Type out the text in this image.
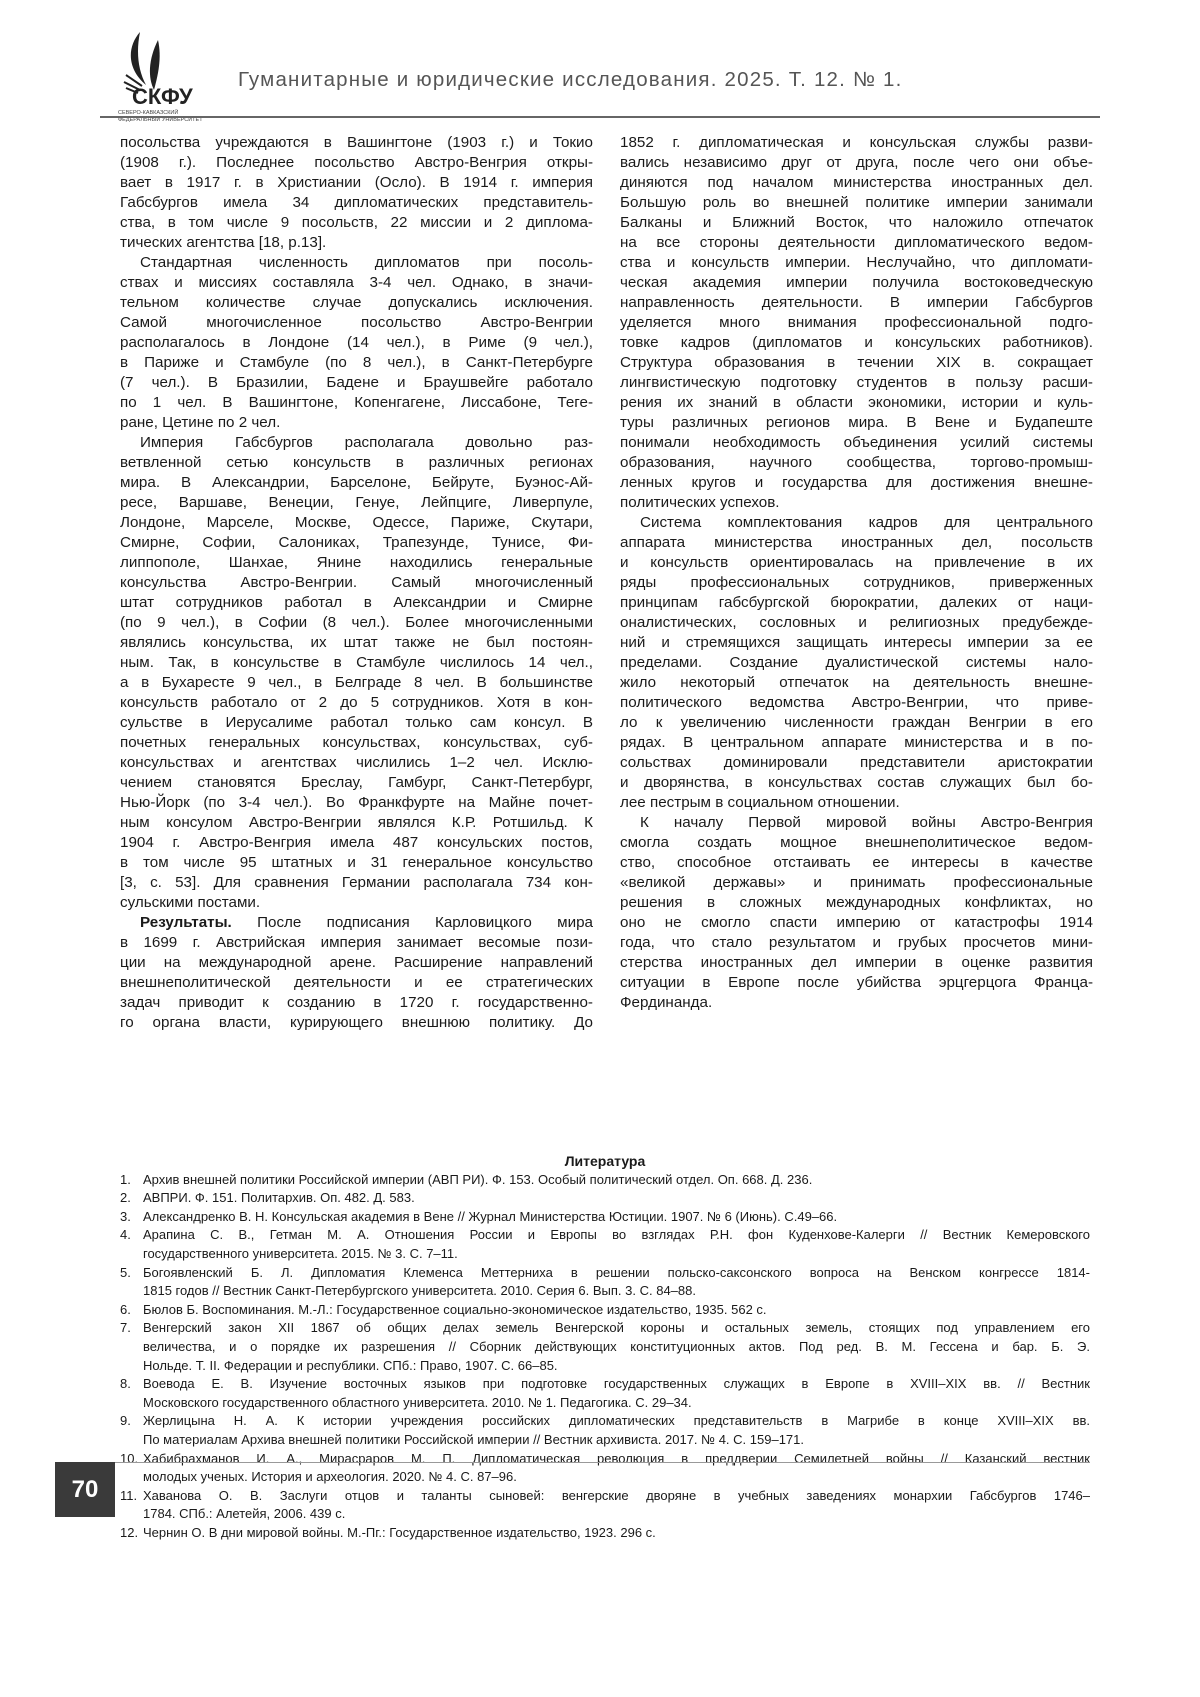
СКФУ
СЕВЕРО-КАВКАЗСКИЙ
ФЕДЕРАЛЬНЫЙ УНИВЕРСИТЕТ
Гуманитарные и юридические исследования. 2025. Т. 12. № 1.
посольства учреждаются в Вашингтоне (1903 г.) и Токио
(1908 г.). Последнее посольство Австро-Венгрия откры-
вает в 1917 г. в Христиании (Осло). В 1914 г. империя
Габсбургов имела 34 дипломатических представитель-
ства, в том числе 9 посольств, 22 миссии и 2 диплома-
тических агентства [18, p.13].
Стандартная численность дипломатов при посоль-
ствах и миссиях составляла 3-4 чел. Однако, в значи-
тельном количестве случае допускались исключения.
Самой многочисленное посольство Австро-Венгрии
располагалось в Лондоне (14 чел.), в Риме (9 чел.),
в Париже и Стамбуле (по 8 чел.), в Санкт-Петербурге
(7 чел.). В Бразилии, Бадене и Браушвейге работало
по 1 чел. В Вашингтоне, Копенгагене, Лиссабоне, Теге-
ране, Цетине по 2 чел.
Империя Габсбургов располагала довольно раз-
ветвленной сетью консульств в различных регионах
мира. В Александрии, Барселоне, Бейруте, Буэнос-Ай-
ресе, Варшаве, Венеции, Генуе, Лейпциге, Ливерпуле,
Лондоне, Марселе, Москве, Одессе, Париже, Скутари,
Смирне, Софии, Салониках, Трапезунде, Тунисе, Фи-
липпополе, Шанхае, Янине находились генеральные
консульства Австро-Венгрии. Самый многочисленный
штат сотрудников работал в Александрии и Смирне
(по 9 чел.), в Софии (8 чел.). Более многочисленными
являлись консульства, их штат также не был постоян-
ным. Так, в консульстве в Стамбуле числилось 14 чел.,
а в Бухаресте 9 чел., в Белграде 8 чел. В большинстве
консульств работало от 2 до 5 сотрудников. Хотя в кон-
сульстве в Иерусалиме работал только сам консул. В
почетных генеральных консульствах, консульствах, суб-
консульствах и агентствах числились 1–2 чел. Исклю-
чением становятся Бреслау, Гамбург, Санкт-Петербург,
Нью-Йорк (по 3-4 чел.). Во Франкфурте на Майне почет-
ным консулом Австро-Венгрии являлся К.Р. Ротшильд. К
1904 г. Австро-Венгрия имела 487 консульских постов,
в том числе 95 штатных и 31 генеральное консульство
[3, с. 53]. Для сравнения Германии располагала 734 кон-
сульскими постами.
Результаты. После подписания Карловицкого мира
в 1699 г. Австрийская империя занимает весомые пози-
ции на международной арене. Расширение направлений
внешнеполитической деятельности и ее стратегических
задач приводит к созданию в 1720 г. государственно-
го органа власти, курирующего внешнюю политику. До
1852 г. дипломатическая и консульская службы разви-
вались независимо друг от друга, после чего они объе-
диняются под началом министерства иностранных дел.
Большую роль во внешней политике империи занимали
Балканы и Ближний Восток, что наложило отпечаток
на все стороны деятельности дипломатического ведом-
ства и консульств империи. Неслучайно, что дипломати-
ческая академия империи получила востоковедческую
направленность деятельности. В империи Габсбургов
уделяется много внимания профессиональной подго-
товке кадров (дипломатов и консульских работников).
Структура образования в течении XIX в. сокращает
лингвистическую подготовку студентов в пользу расши-
рения их знаний в области экономики, истории и куль-
туры различных регионов мира. В Вене и Будапеште
понимали необходимость объединения усилий системы
образования, научного сообщества, торгово-промыш-
ленных кругов и государства для достижения внешне-
политических успехов.
Система комплектования кадров для центрального
аппарата министерства иностранных дел, посольств
и консульств ориентировалась на привлечение в их
ряды профессиональных сотрудников, приверженных
принципам габсбургской бюрократии, далеких от наци-
оналистических, сословных и религиозных предубежде-
ний и стремящихся защищать интересы империи за ее
пределами. Создание дуалистической системы нало-
жило некоторый отпечаток на деятельность внешне-
политического ведомства Австро-Венгрии, что приве-
ло к увеличению численности граждан Венгрии в его
рядах. В центральном аппарате министерства и в по-
сольствах доминировали представители аристократии
и дворянства, в консульствах состав служащих был бо-
лее пестрым в социальном отношении.
К началу Первой мировой войны Австро-Венгрия
смогла создать мощное внешнеполитическое ведом-
ство, способное отстаивать ее интересы в качестве
«великой державы» и принимать профессиональные
решения в сложных международных конфликтах, но
оно не смогло спасти империю от катастрофы 1914
года, что стало результатом и грубых просчетов мини-
стерства иностранных дел империи в оценке развития
ситуации в Европе после убийства эрцгерцога Франца-
Фердинанда.
Литература
1. Архив внешней политики Российской империи (АВП РИ). Ф. 153. Особый политический отдел. Оп. 668. Д. 236.
2. АВПРИ. Ф. 151. Политархив. Оп. 482. Д. 583.
3. Александренко В. Н. Консульская академия в Вене // Журнал Министерства Юстиции. 1907. № 6 (Июнь). С.49–66.
4. Арапина С. В., Гетман М. А. Отношения России и Европы во взглядах Р.Н. фон Куденхове-Калерги // Вестник Кемеровского
государственного университета. 2015. № 3. С. 7–11.
5. Богоявленский Б. Л. Дипломатия Клеменса Меттерниха в решении польско-саксонского вопроса на Венском конгрессе 1814-
1815 годов // Вестник Санкт-Петербургского университета. 2010. Серия 6. Вып. 3. С. 84–88.
6. Бюлов Б. Воспоминания. М.-Л.: Государственное социально-экономическое издательство, 1935. 562 с.
7. Венгерский закон XII 1867 об общих делах земель Венгерской короны и остальных земель, стоящих под управлением его
величества, и о порядке их разрешения // Сборник действующих конституционных актов. Под ред. В. М. Гессена и бар. Б. Э.
Нольде. Т. II. Федерации и республики. СПб.: Право, 1907. С. 66–85.
8. Воевода Е. В. Изучение восточных языков при подготовке государственных служащих в Европе в XVIII–XIX вв. // Вестник
Московского государственного областного университета. 2010. № 1. Педагогика. С. 29–34.
9. Жерлицына Н. А. К истории учреждения российских дипломатических представительств в Магрибе в конце XVIII–XIX вв.
По материалам Архива внешней политики Российской империи // Вестник архивиста. 2017. № 4. С. 159–171.
10. Хабибрахманов И. А., Мирасраров М. П. Дипломатическая революция в преддверии Семилетней войны // Казанский вестник
молодых ученых. История и археология. 2020. № 4. С. 87–96.
11. Хаванова О. В. Заслуги отцов и таланты сыновей: венгерские дворяне в учебных заведениях монархии Габсбургов 1746–
1784. СПб.: Алетейя, 2006. 439 с.
12. Чернин О. В дни мировой войны. М.-Пг.: Государственное издательство, 1923. 296 с.
70
